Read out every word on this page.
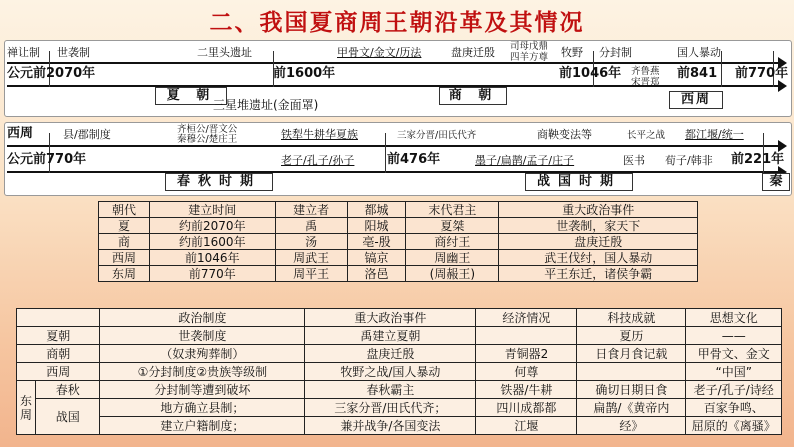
二、我国夏商周王朝沿革及其情况
禅让制 世袭制	二里头遗址	甲骨文/金文/历法	盘庚迁殷 司母戊鼎
四羊方尊 牧野 分封制	国人暴动
公元前2070年	前1600年	前1046年 齐鲁燕
宋晋郑
前841 前770年
夏 朝
三星堆遗址(金面罩)
商 朝	西周
西周	县/郡制度	齐桓公/晋文公
秦穆公/楚庄王	铁犁牛耕华夏族	三家分晋/田氏代齐	商鞅变法等	长平之战 都江堰/统一
公元前770年	老子/孔子/孙子	前476年	墨子/扁鹊/孟子/庄子	医书 荀子/韩非 前221年
春秋时期	战国时期	秦
朝代	建立时间	建立者	都城	末代君主	重大政治事件
夏	约前2070年	禹	阳城	夏桀	世袭制，家天下
商	约前1600年	汤	亳-殷	商纣王	盘庚迁殷
西周	前1046年	周武王	镐京	周幽王	武王伐纣，国人暴动
东周	前770年	周平王	洛邑	(周赧王)	平王东迁，诸侯争霸
		政治制度	重大政治事件	经济情况	科技成就	思想文化
夏朝		世袭制度	禹建立夏朝		夏历	——
商朝		（奴隶殉葬制）	盘庚迁殷	青铜器2	日食月食记载	甲骨文、金文
西周		①分封制度②贵族等级制	牧野之战/国人暴动	何尊		“中国”
东周	春秋	分封制等遭到破坏	春秋霸主	铁器/牛耕	确切日期日食	老子/孔子/诗经
	战国	地方确立县制；	三家分晋/田氏代齐；	四川成都都	扁鹊/《黄帝内	百家争鸣、
		建立户籍制度；	兼并战争/各国变法	江堰	经》	屈原的《离骚》
